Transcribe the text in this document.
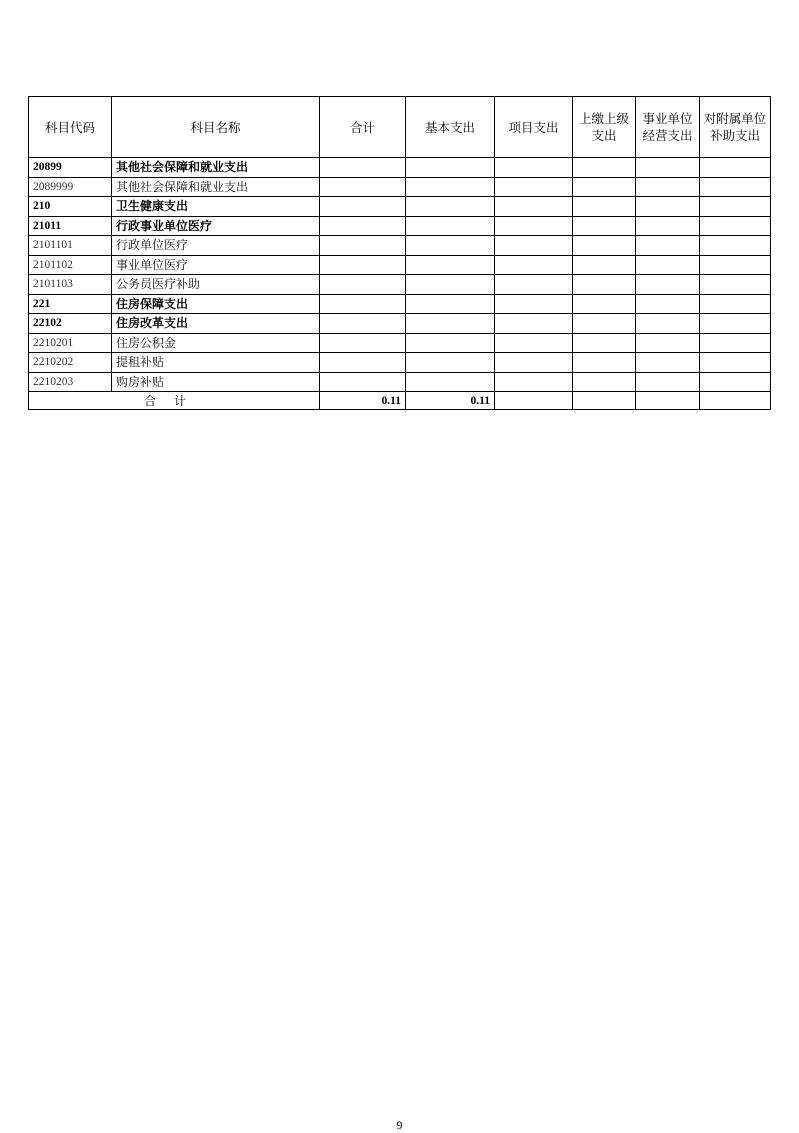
科目代码	科目名称	合计	基本支出	项目支出	上缴上级支出	事业单位经营支出	对附属单位补助支出
20899	其他社会保障和就业支出						
2089999	其他社会保障和就业支出						
210	卫生健康支出						
21011	行政事业单位医疗						
2101101	行政单位医疗						
2101102	事业单位医疗						
2101103	公务员医疗补助						
221	住房保障支出						
22102	住房改革支出						
2210201	住房公积金						
2210202	提租补贴						
2210203	购房补贴						
合计		0.11	0.11				
9
